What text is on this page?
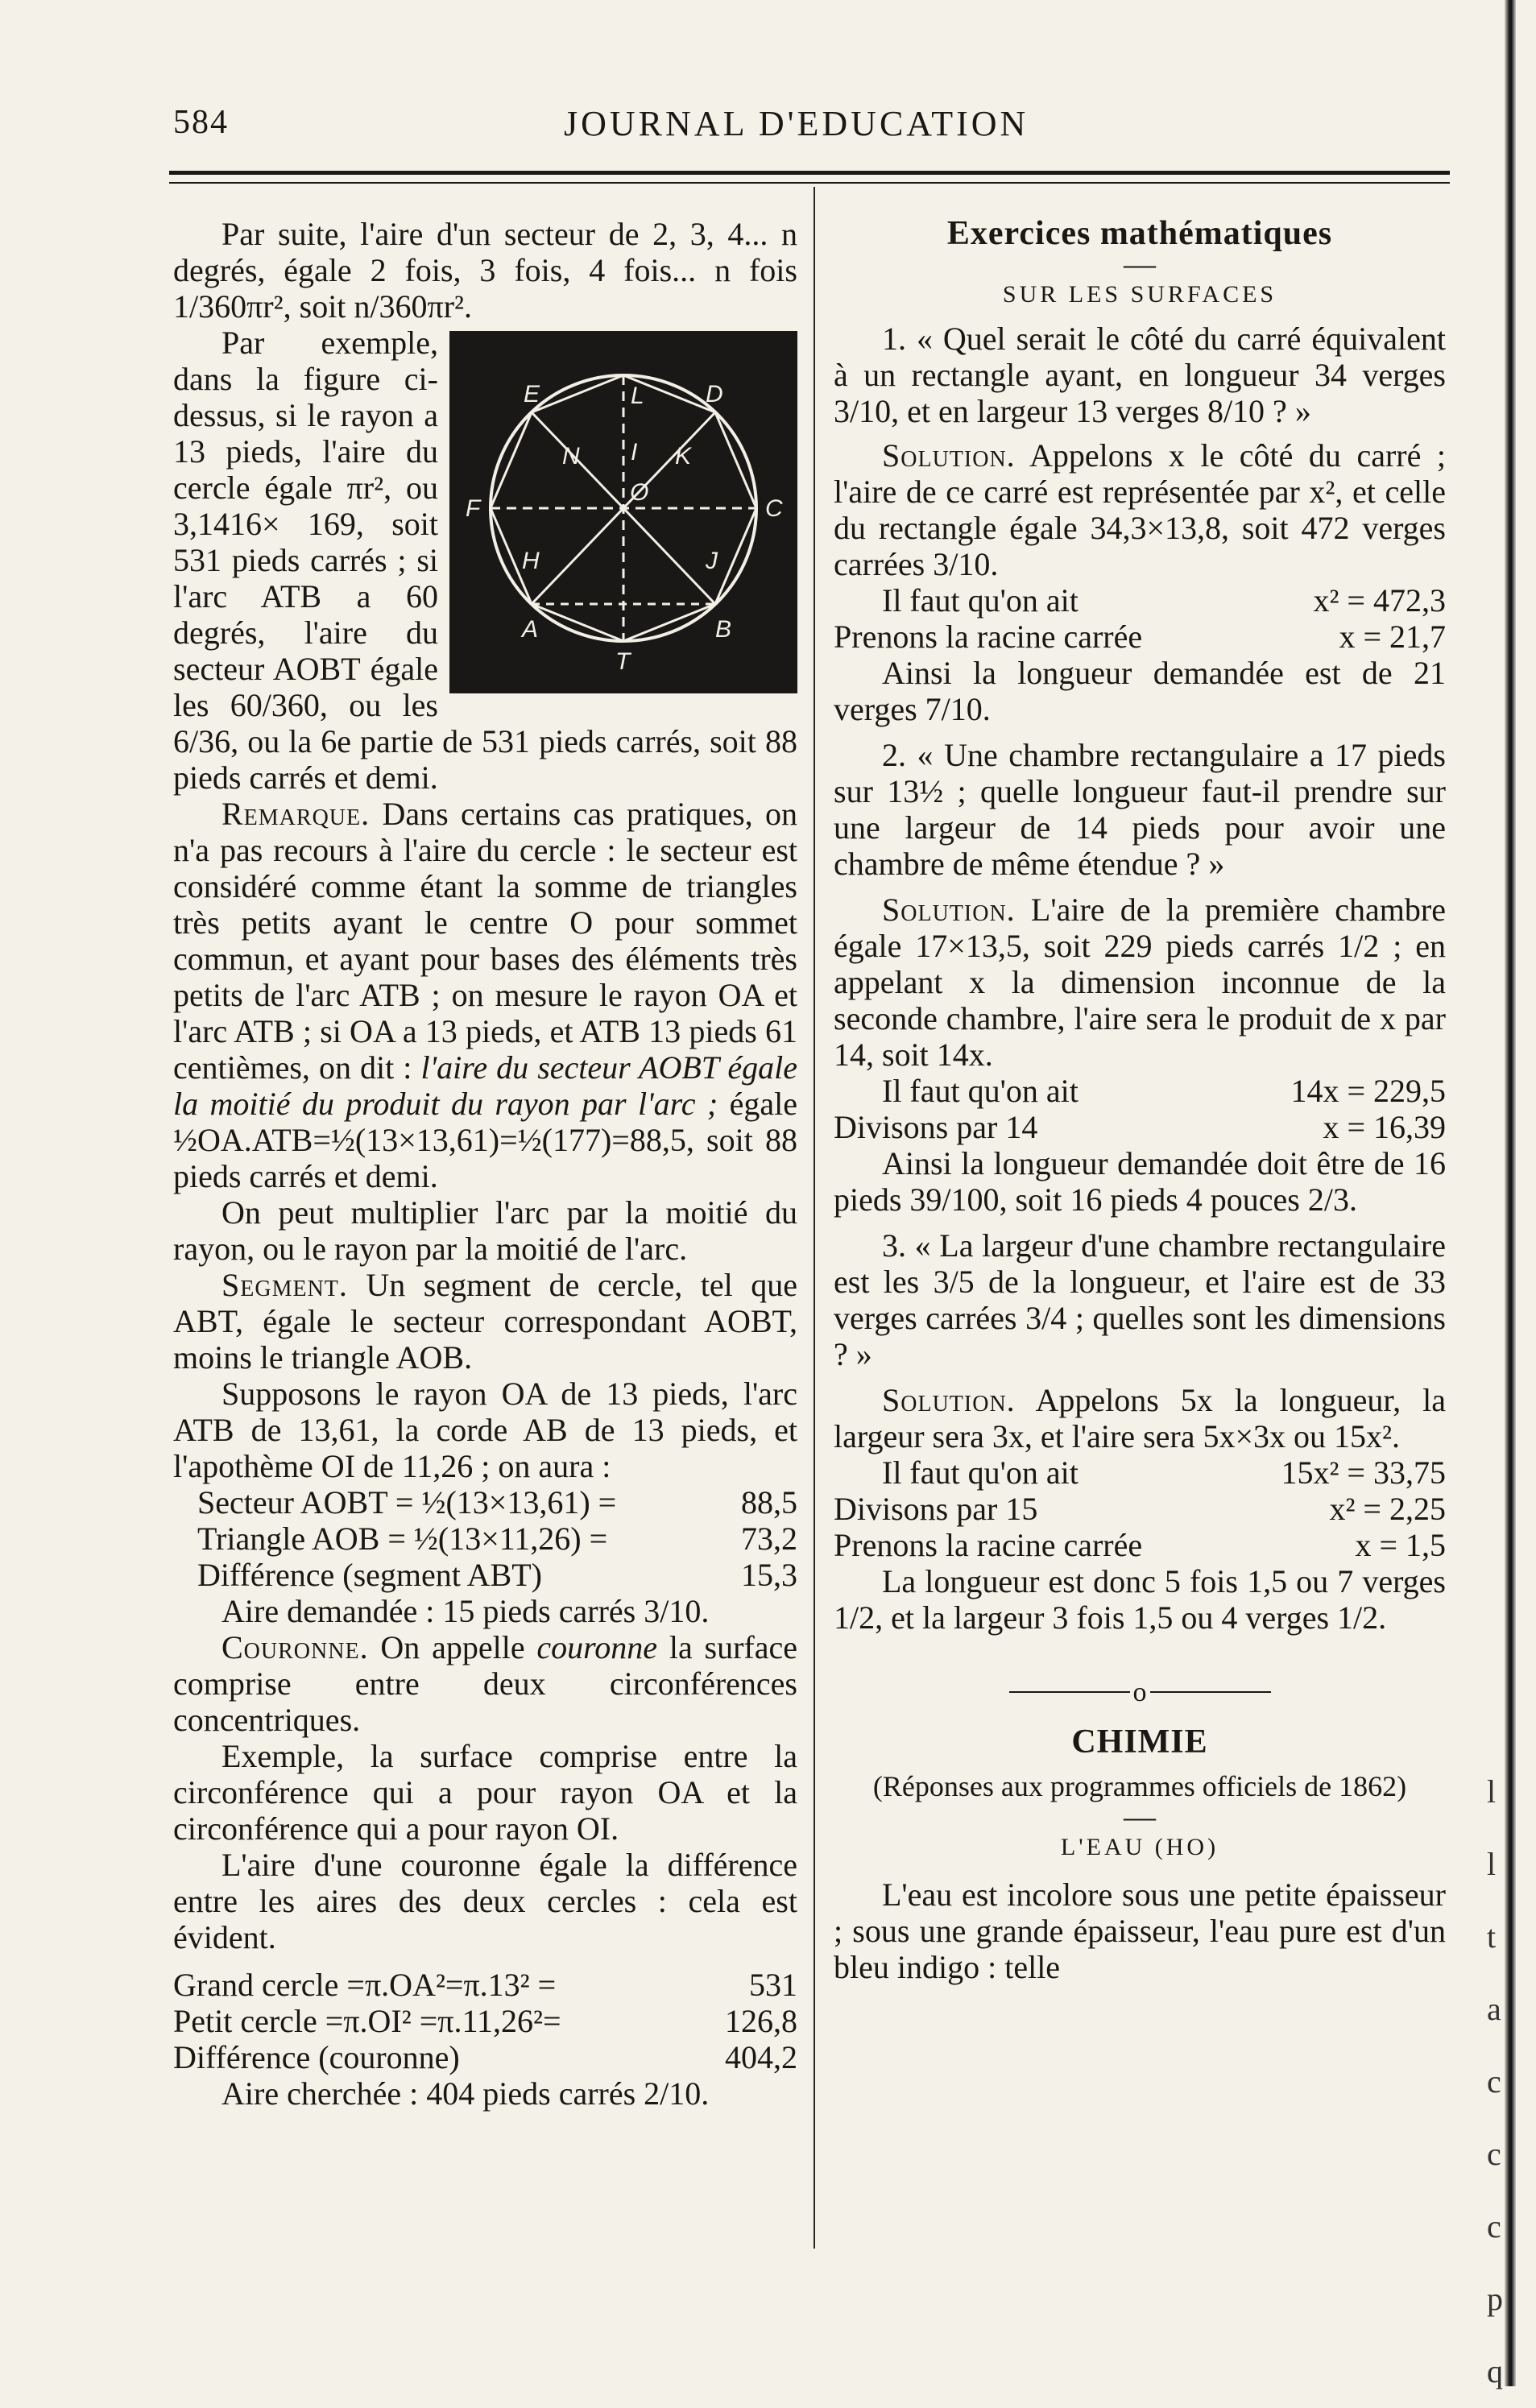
584	JOURNAL D'EDUCATION

Par suite, l'aire d'un secteur de 2, 3, 4... n degrés, égale 2 fois, 3 fois, 4 fois... n fois 1/360πr², soit n/360πr².

E	D
L
N I K
F
O
C
H	J
A
T
B

Par exemple, dans la figure ci-dessus, si le rayon a 13 pieds, l'aire du cercle égale πr², ou 3,1416× 169, soit 531 pieds carrés ; si l'arc ATB a 60 degrés, l'aire du secteur AOBT égale les 60/360, ou les 6/36, ou la 6e partie de 531 pieds carrés, soit 88 pieds carrés et demi.

Remarque. Dans certains cas pratiques, on n'a pas recours à l'aire du cercle : le secteur est considéré comme étant la somme de triangles très petits ayant le centre O pour sommet commun, et ayant pour bases des éléments très petits de l'arc ATB ; on mesure le rayon OA et l'arc ATB ; si OA a 13 pieds, et ATB 13 pieds 61 centièmes, on dit : l'aire du secteur AOBT égale la moitié du produit du rayon par l'arc ; égale ½OA.ATB=½(13×13,61)=½(177)=88,5, soit 88 pieds carrés et demi.

On peut multiplier l'arc par la moitié du rayon, ou le rayon par la moitié de l'arc.

Segment. Un segment de cercle, tel que ABT, égale le secteur correspondant AOBT, moins le triangle AOB.

Supposons le rayon OA de 13 pieds, l'arc ATB de 13,61, la corde AB de 13 pieds, et l'apothème OI de 11,26 ; on aura :

Secteur AOBT = ½(13×13,61) =	88,5
Triangle AOB = ½(13×11,26) =	73,2
Différence (segment ABT)	15,3

Aire demandée : 15 pieds carrés 3/10.

Couronne. On appelle couronne la surface comprise entre deux circonférences concentriques.

Exemple, la surface comprise entre la circonférence qui a pour rayon OA et la circonférence qui a pour rayon OI.

L'aire d'une couronne égale la différence entre les aires des deux cercles : cela est évident.

Grand cercle =π.OA²=π.13² =	531
Petit cercle =π.OI² =π.11,26²=	126,8
Différence (couronne)	404,2

Aire cherchée : 404 pieds carrés 2/10.

Exercices mathématiques
—
SUR LES SURFACES

1. « Quel serait le côté du carré équivalent à un rectangle ayant, en longueur 34 verges 3/10, et en largeur 13 verges 8/10 ? »

Solution. Appelons x le côté du carré ; l'aire de ce carré est représentée par x², et celle du rectangle égale 34,3×13,8, soit 472 verges carrées 3/10.

Il faut qu'on ait	x² = 472,3
Prenons la racine carrée	x = 21,7

Ainsi la longueur demandée est de 21 verges 7/10.

2. « Une chambre rectangulaire a 17 pieds sur 13½ ; quelle longueur faut-il prendre sur une largeur de 14 pieds pour avoir une chambre de même étendue ? »

Solution. L'aire de la première chambre égale 17×13,5, soit 229 pieds carrés 1/2 ; en appelant x la dimension inconnue de la seconde chambre, l'aire sera le produit de x par 14, soit 14x.

Il faut qu'on ait	14x = 229,5
Divisons par 14	x = 16,39

Ainsi la longueur demandée doit être de 16 pieds 39/100, soit 16 pieds 4 pouces 2/3.

3. « La largeur d'une chambre rectangulaire est les 3/5 de la longueur, et l'aire est de 33 verges carrées 3/4 ; quelles sont les dimensions ? »

Solution. Appelons 5x la longueur, la largeur sera 3x, et l'aire sera 5x×3x ou 15x².

Il faut qu'on ait	15x² = 33,75
Divisons par 15	x² = 2,25
Prenons la racine carrée	x = 1,5

La longueur est donc 5 fois 1,5 ou 7 verges 1/2, et la largeur 3 fois 1,5 ou 4 verges 1/2.

o
CHIMIE
(Réponses aux programmes officiels de 1862)
—
L'EAU (HO)

L'eau est incolore sous une petite épaisseur ; sous une grande épaisseur, l'eau pure est d'un bleu indigo : telle

l
l
t
a
c
c
c
p
q
